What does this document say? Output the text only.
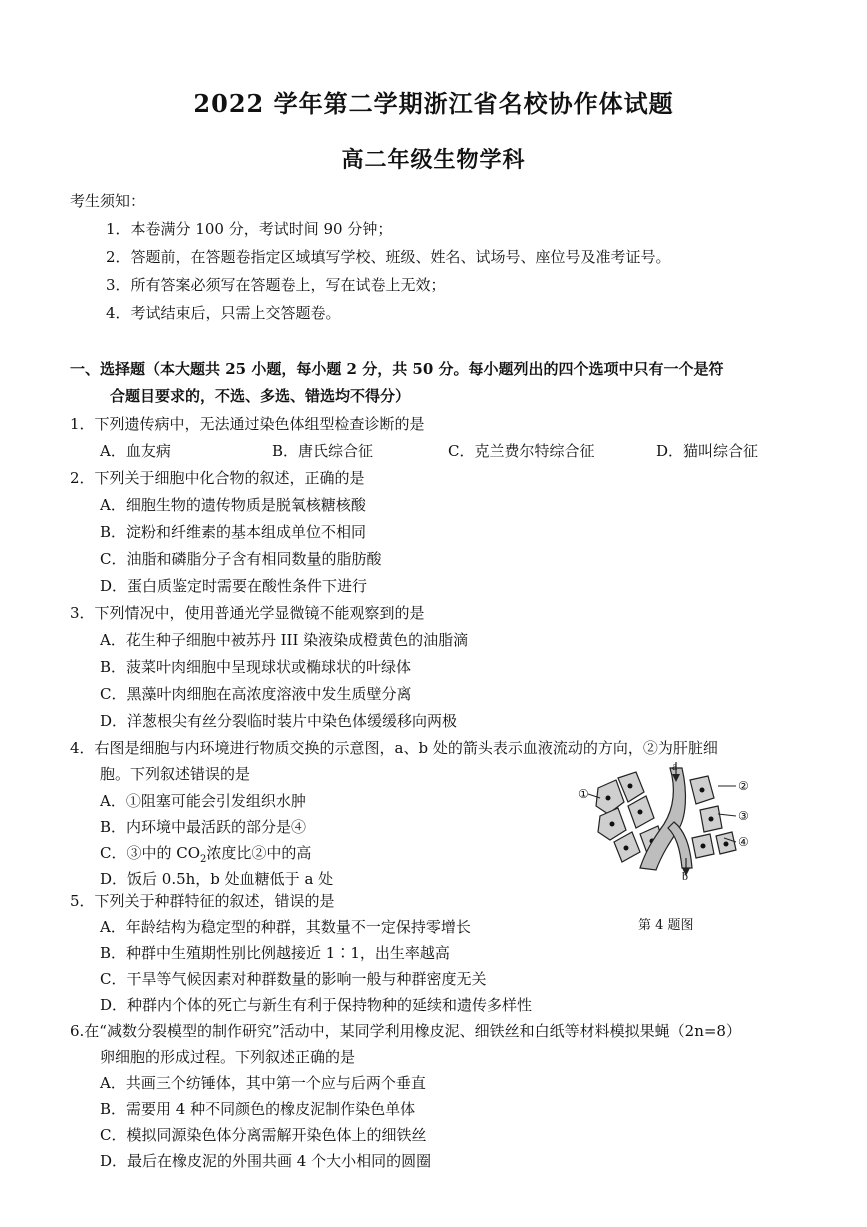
2022 学年第二学期浙江省名校协作体试题
高二年级生物学科
考生须知：
1．本卷满分 100 分，考试时间 90 分钟；
2．答题前，在答题卷指定区域填写学校、班级、姓名、试场号、座位号及准考证号。
3．所有答案必须写在答题卷上，写在试卷上无效；
4．考试结束后，只需上交答题卷。
一、选择题（本大题共 25 小题，每小题 2 分，共 50 分。每小题列出的四个选项中只有一个是符
合题目要求的，不选、多选、错选均不得分）
1．下列遗传病中，无法通过染色体组型检查诊断的是
A．血友病	B．唐氏综合征	C．克兰费尔特综合征	D．猫叫综合征
2．下列关于细胞中化合物的叙述，正确的是
A．细胞生物的遗传物质是脱氧核糖核酸
B．淀粉和纤维素的基本组成单位不相同
C．油脂和磷脂分子含有相同数量的脂肪酸
D．蛋白质鉴定时需要在酸性条件下进行
3．下列情况中，使用普通光学显微镜不能观察到的是
A．花生种子细胞中被苏丹 III 染液染成橙黄色的油脂滴
B．菠菜叶肉细胞中呈现球状或椭球状的叶绿体
C．黑藻叶肉细胞在高浓度溶液中发生质壁分离
D．洋葱根尖有丝分裂临时装片中染色体缓缓移向两极
4．右图是细胞与内环境进行物质交换的示意图，a、b 处的箭头表示血液流动的方向，②为肝脏细
胞。下列叙述错误的是
A．①阻塞可能会引发组织水肿
B．内环境中最活跃的部分是④
C．③中的 $CO_2$浓度比②中的高
D．饭后 0.5h，b 处血糖低于 a 处
a
b
①
②
③
④
第 4 题图
5．下列关于种群特征的叙述，错误的是
A．年龄结构为稳定型的种群，其数量不一定保持零增长
B．种群中生殖期性别比例越接近 1∶1，出生率越高
C．干旱等气候因素对种群数量的影响一般与种群密度无关
D．种群内个体的死亡与新生有利于保持物种的延续和遗传多样性
6.在“减数分裂模型的制作研究”活动中，某同学利用橡皮泥、细铁丝和白纸等材料模拟果蝇（2n=8）
卵细胞的形成过程。下列叙述正确的是
A．共画三个纺锤体，其中第一个应与后两个垂直
B．需要用 4 种不同颜色的橡皮泥制作染色单体
C．模拟同源染色体分离需解开染色体上的细铁丝
D．最后在橡皮泥的外围共画 4 个大小相同的圆圈
